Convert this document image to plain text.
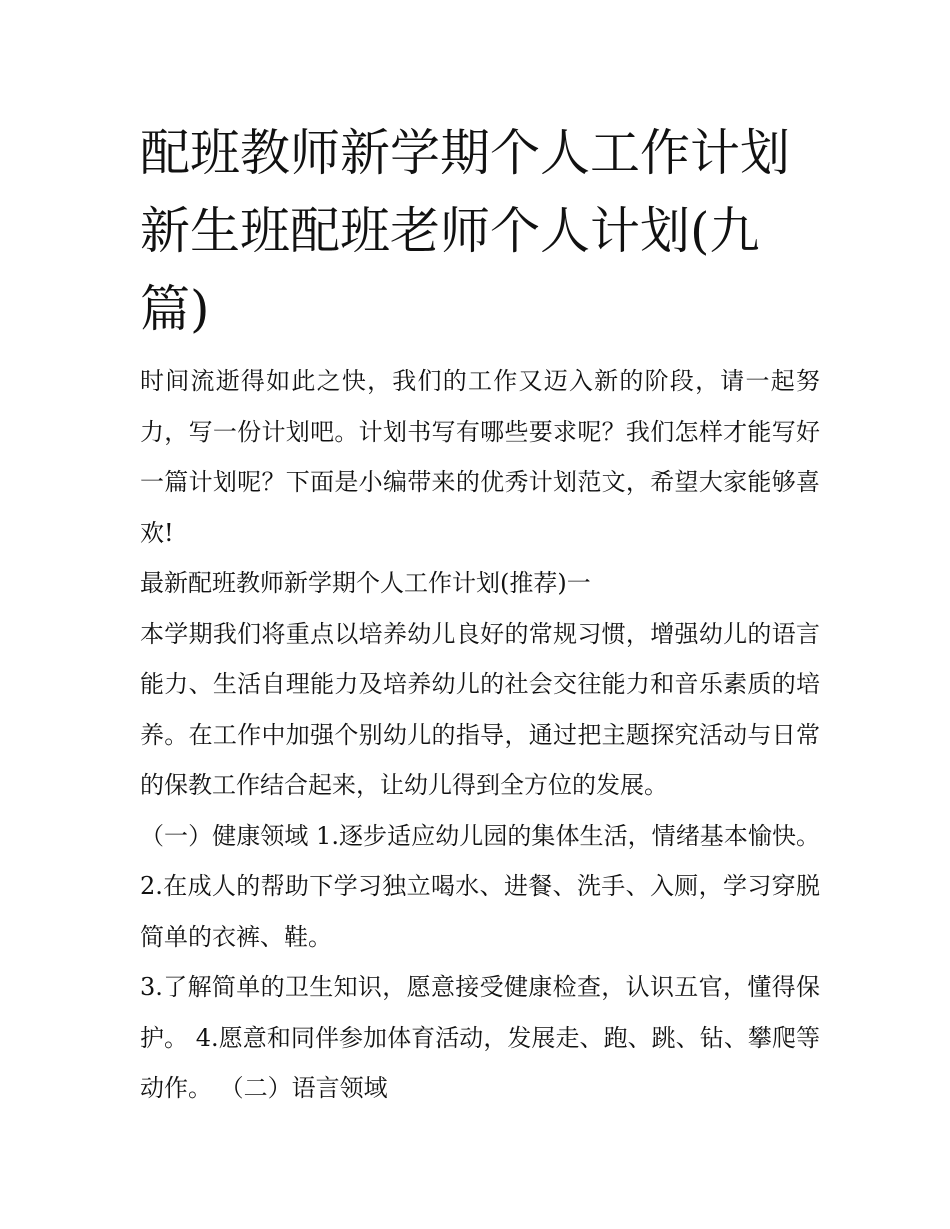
配班教师新学期个人工作计划 新生班配班老师个人计划(九篇)

时间流逝得如此之快，我们的工作又迈入新的阶段，请一起努力，写一份计划吧。计划书写有哪些要求呢？我们怎样才能写好一篇计划呢？下面是小编带来的优秀计划范文，希望大家能够喜欢!

最新配班教师新学期个人工作计划(推荐)一

本学期我们将重点以培养幼儿良好的常规习惯，增强幼儿的语言能力、生活自理能力及培养幼儿的社会交往能力和音乐素质的培养。在工作中加强个别幼儿的指导，通过把主题探究活动与日常的保教工作结合起来，让幼儿得到全方位的发展。

（一）健康领域 1.逐步适应幼儿园的集体生活，情绪基本愉快。 2.在成人的帮助下学习独立喝水、进餐、洗手、入厕，学习穿脱简单的衣裤、鞋。

3.了解简单的卫生知识，愿意接受健康检查，认识五官，懂得保护。 4.愿意和同伴参加体育活动，发展走、跑、跳、钻、攀爬等动作。 （二）语言领域
